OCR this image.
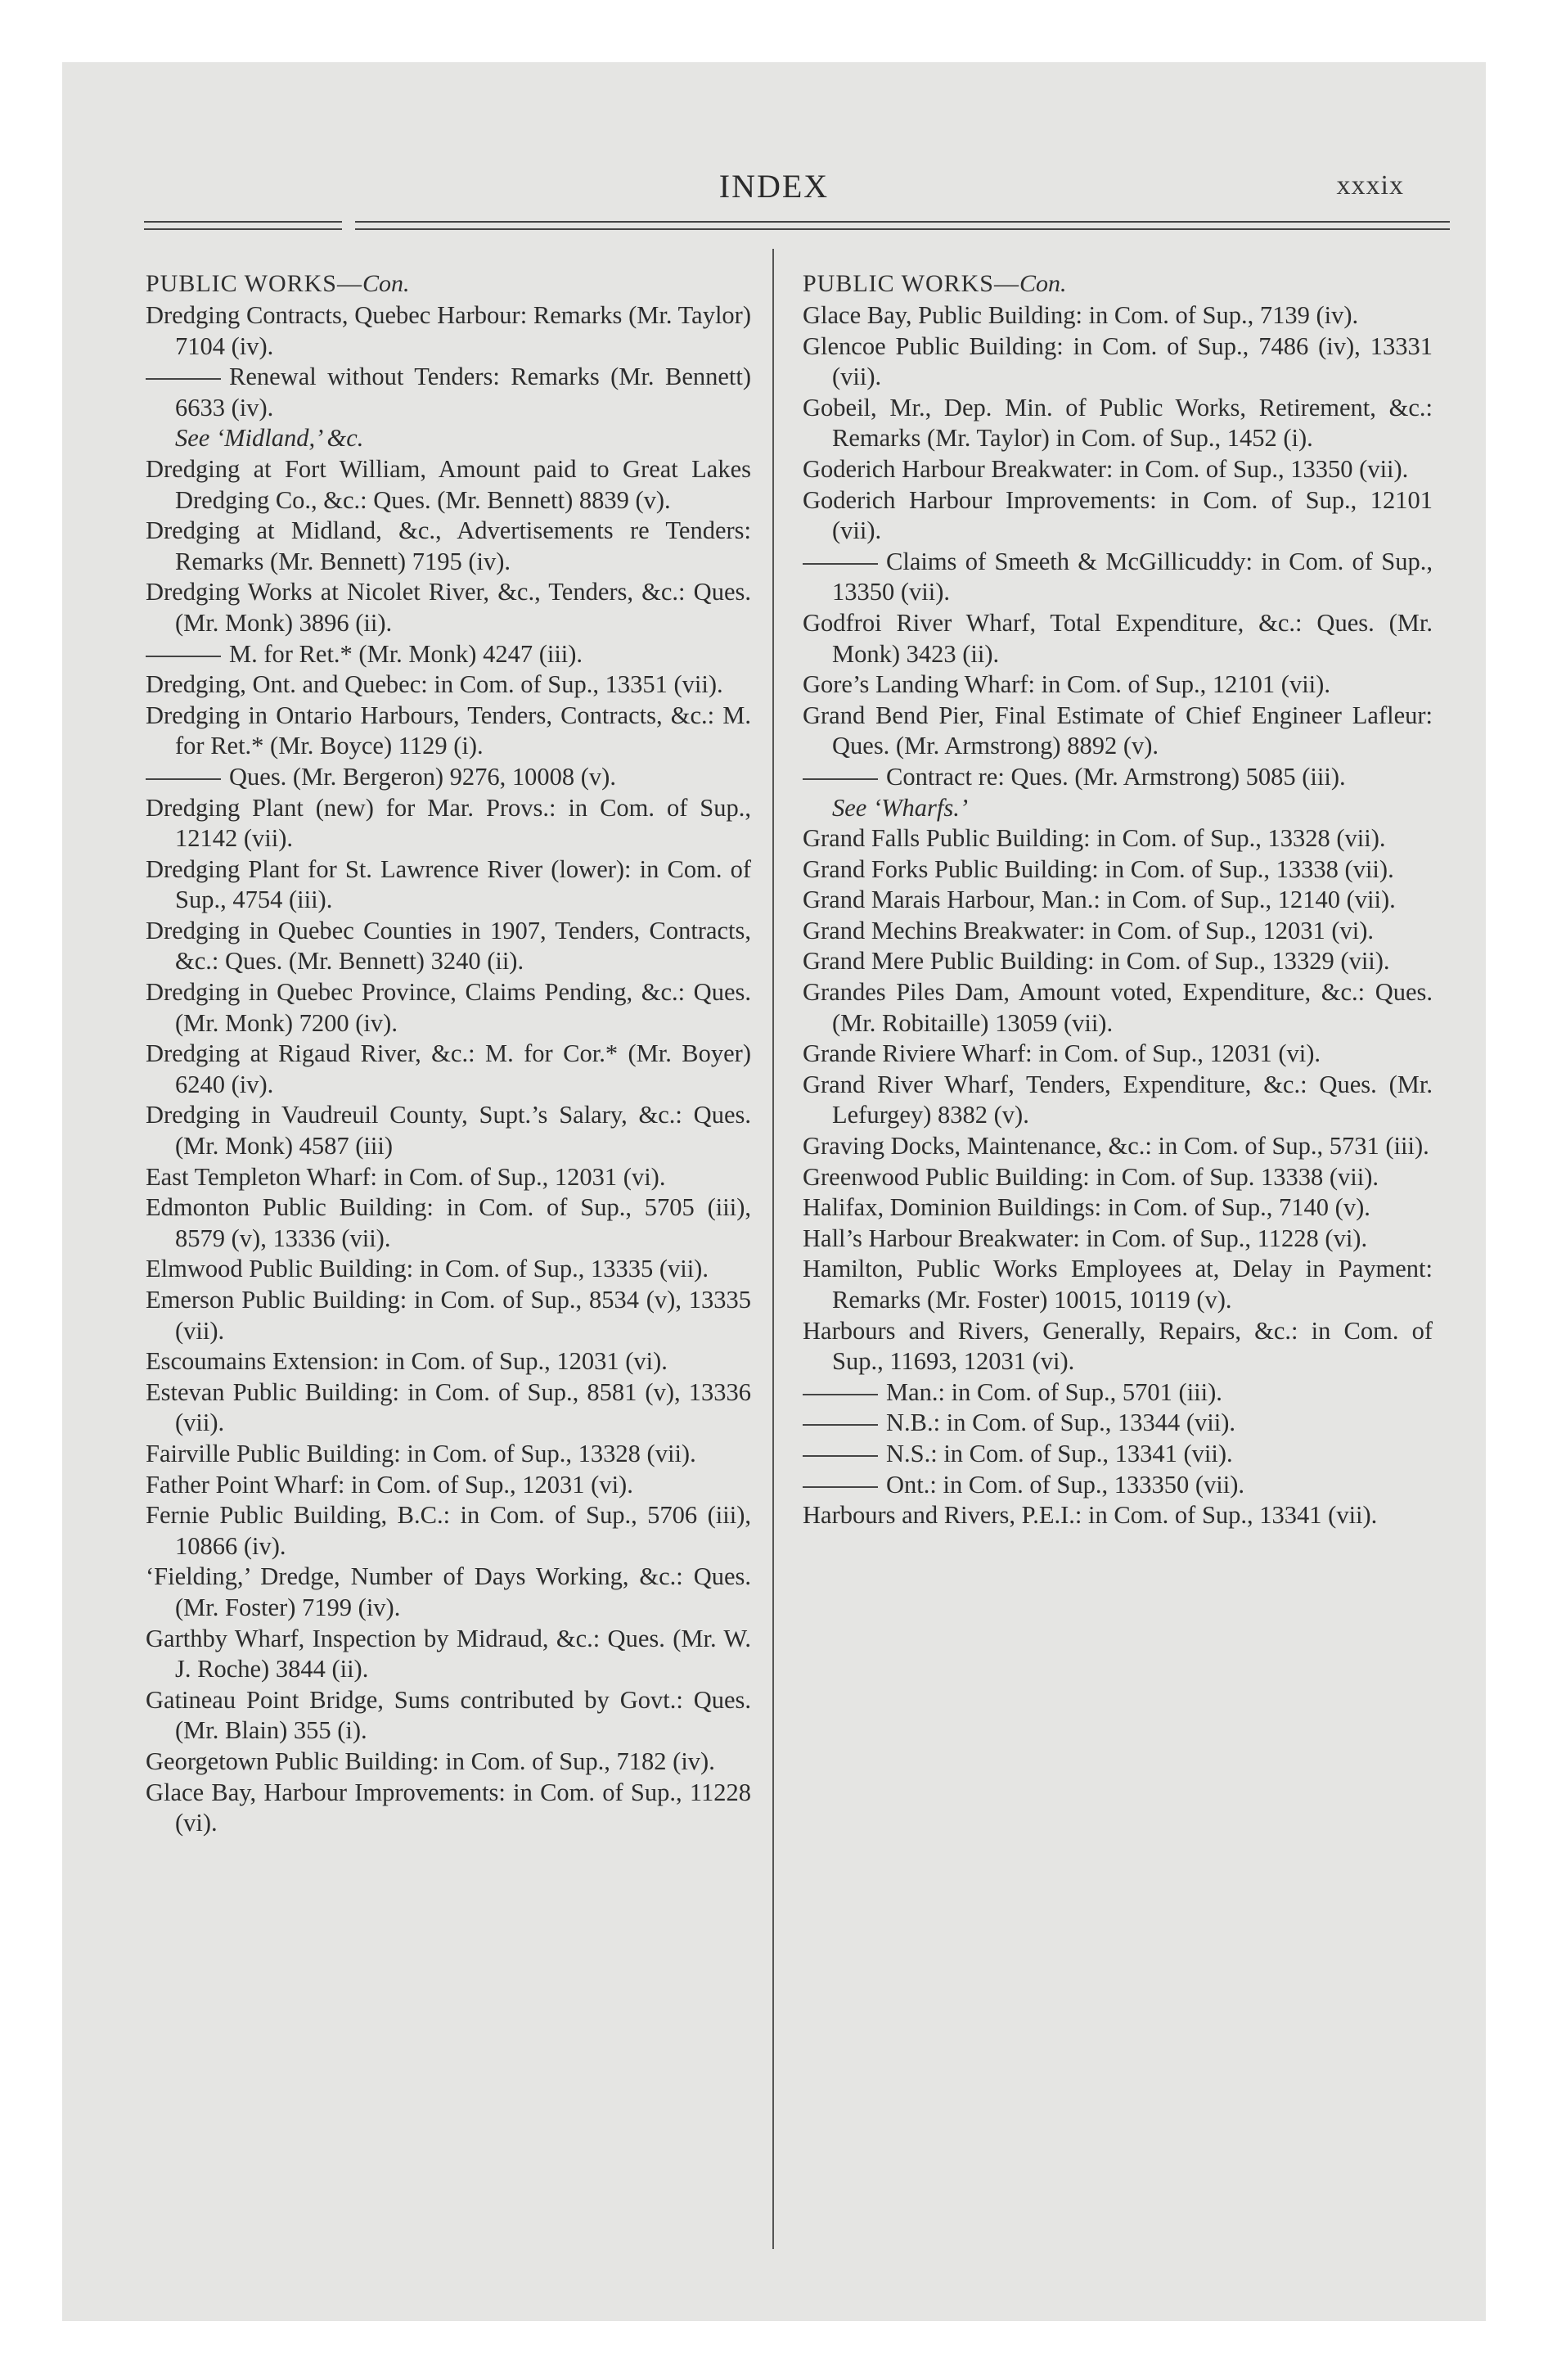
INDEX	xxxix
PUBLIC WORKS—Con.
Dredging Contracts, Quebec Harbour: Remarks (Mr. Taylor) 7104 (iv).
Renewal without Tenders: Remarks (Mr. Bennett) 6633 (iv).
See ‘Midland,’ &c.
Dredging at Fort William, Amount paid to Great Lakes Dredging Co., &c.: Ques. (Mr. Bennett) 8839 (v).
Dredging at Midland, &c., Advertisements re Tenders: Remarks (Mr. Bennett) 7195 (iv).
Dredging Works at Nicolet River, &c., Tenders, &c.: Ques. (Mr. Monk) 3896 (ii).
M. for Ret.* (Mr. Monk) 4247 (iii).
Dredging, Ont. and Quebec: in Com. of Sup., 13351 (vii).
Dredging in Ontario Harbours, Tenders, Contracts, &c.: M. for Ret.* (Mr. Boyce) 1129 (i).
Ques. (Mr. Bergeron) 9276, 10008 (v).
Dredging Plant (new) for Mar. Provs.: in Com. of Sup., 12142 (vii).
Dredging Plant for St. Lawrence River (lower): in Com. of Sup., 4754 (iii).
Dredging in Quebec Counties in 1907, Tenders, Contracts, &c.: Ques. (Mr. Bennett) 3240 (ii).
Dredging in Quebec Province, Claims Pending, &c.: Ques. (Mr. Monk) 7200 (iv).
Dredging at Rigaud River, &c.: M. for Cor.* (Mr. Boyer) 6240 (iv).
Dredging in Vaudreuil County, Supt.’s Salary, &c.: Ques. (Mr. Monk) 4587 (iii)
East Templeton Wharf: in Com. of Sup., 12031 (vi).
Edmonton Public Building: in Com. of Sup., 5705 (iii), 8579 (v), 13336 (vii).
Elmwood Public Building: in Com. of Sup., 13335 (vii).
Emerson Public Building: in Com. of Sup., 8534 (v), 13335 (vii).
Escoumains Extension: in Com. of Sup., 12031 (vi).
Estevan Public Building: in Com. of Sup., 8581 (v), 13336 (vii).
Fairville Public Building: in Com. of Sup., 13328 (vii).
Father Point Wharf: in Com. of Sup., 12031 (vi).
Fernie Public Building, B.C.: in Com. of Sup., 5706 (iii), 10866 (iv).
‘Fielding,’ Dredge, Number of Days Working, &c.: Ques. (Mr. Foster) 7199 (iv).
Garthby Wharf, Inspection by Midraud, &c.: Ques. (Mr. W. J. Roche) 3844 (ii).
Gatineau Point Bridge, Sums contributed by Govt.: Ques. (Mr. Blain) 355 (i).
Georgetown Public Building: in Com. of Sup., 7182 (iv).
Glace Bay, Harbour Improvements: in Com. of Sup., 11228 (vi).
PUBLIC WORKS—Con.
Glace Bay, Public Building: in Com. of Sup., 7139 (iv).
Glencoe Public Building: in Com. of Sup., 7486 (iv), 13331 (vii).
Gobeil, Mr., Dep. Min. of Public Works, Retirement, &c.: Remarks (Mr. Taylor) in Com. of Sup., 1452 (i).
Goderich Harbour Breakwater: in Com. of Sup., 13350 (vii).
Goderich Harbour Improvements: in Com. of Sup., 12101 (vii).
Claims of Smeeth & McGillicuddy: in Com. of Sup., 13350 (vii).
Godfroi River Wharf, Total Expenditure, &c.: Ques. (Mr. Monk) 3423 (ii).
Gore’s Landing Wharf: in Com. of Sup., 12101 (vii).
Grand Bend Pier, Final Estimate of Chief Engineer Lafleur: Ques. (Mr. Armstrong) 8892 (v).
Contract re: Ques. (Mr. Armstrong) 5085 (iii).
See ‘Wharfs.’
Grand Falls Public Building: in Com. of Sup., 13328 (vii).
Grand Forks Public Building: in Com. of Sup., 13338 (vii).
Grand Marais Harbour, Man.: in Com. of Sup., 12140 (vii).
Grand Mechins Breakwater: in Com. of Sup., 12031 (vi).
Grand Mere Public Building: in Com. of Sup., 13329 (vii).
Grandes Piles Dam, Amount voted, Expenditure, &c.: Ques. (Mr. Robitaille) 13059 (vii).
Grande Riviere Wharf: in Com. of Sup., 12031 (vi).
Grand River Wharf, Tenders, Expenditure, &c.: Ques. (Mr. Lefurgey) 8382 (v).
Graving Docks, Maintenance, &c.: in Com. of Sup., 5731 (iii).
Greenwood Public Building: in Com. of Sup. 13338 (vii).
Halifax, Dominion Buildings: in Com. of Sup., 7140 (v).
Hall’s Harbour Breakwater: in Com. of Sup., 11228 (vi).
Hamilton, Public Works Employees at, Delay in Payment: Remarks (Mr. Foster) 10015, 10119 (v).
Harbours and Rivers, Generally, Repairs, &c.: in Com. of Sup., 11693, 12031 (vi).
Man.: in Com. of Sup., 5701 (iii).
N.B.: in Com. of Sup., 13344 (vii).
N.S.: in Com. of Sup., 13341 (vii).
Ont.: in Com. of Sup., 133350 (vii).
Harbours and Rivers, P.E.I.: in Com. of Sup., 13341 (vii).
